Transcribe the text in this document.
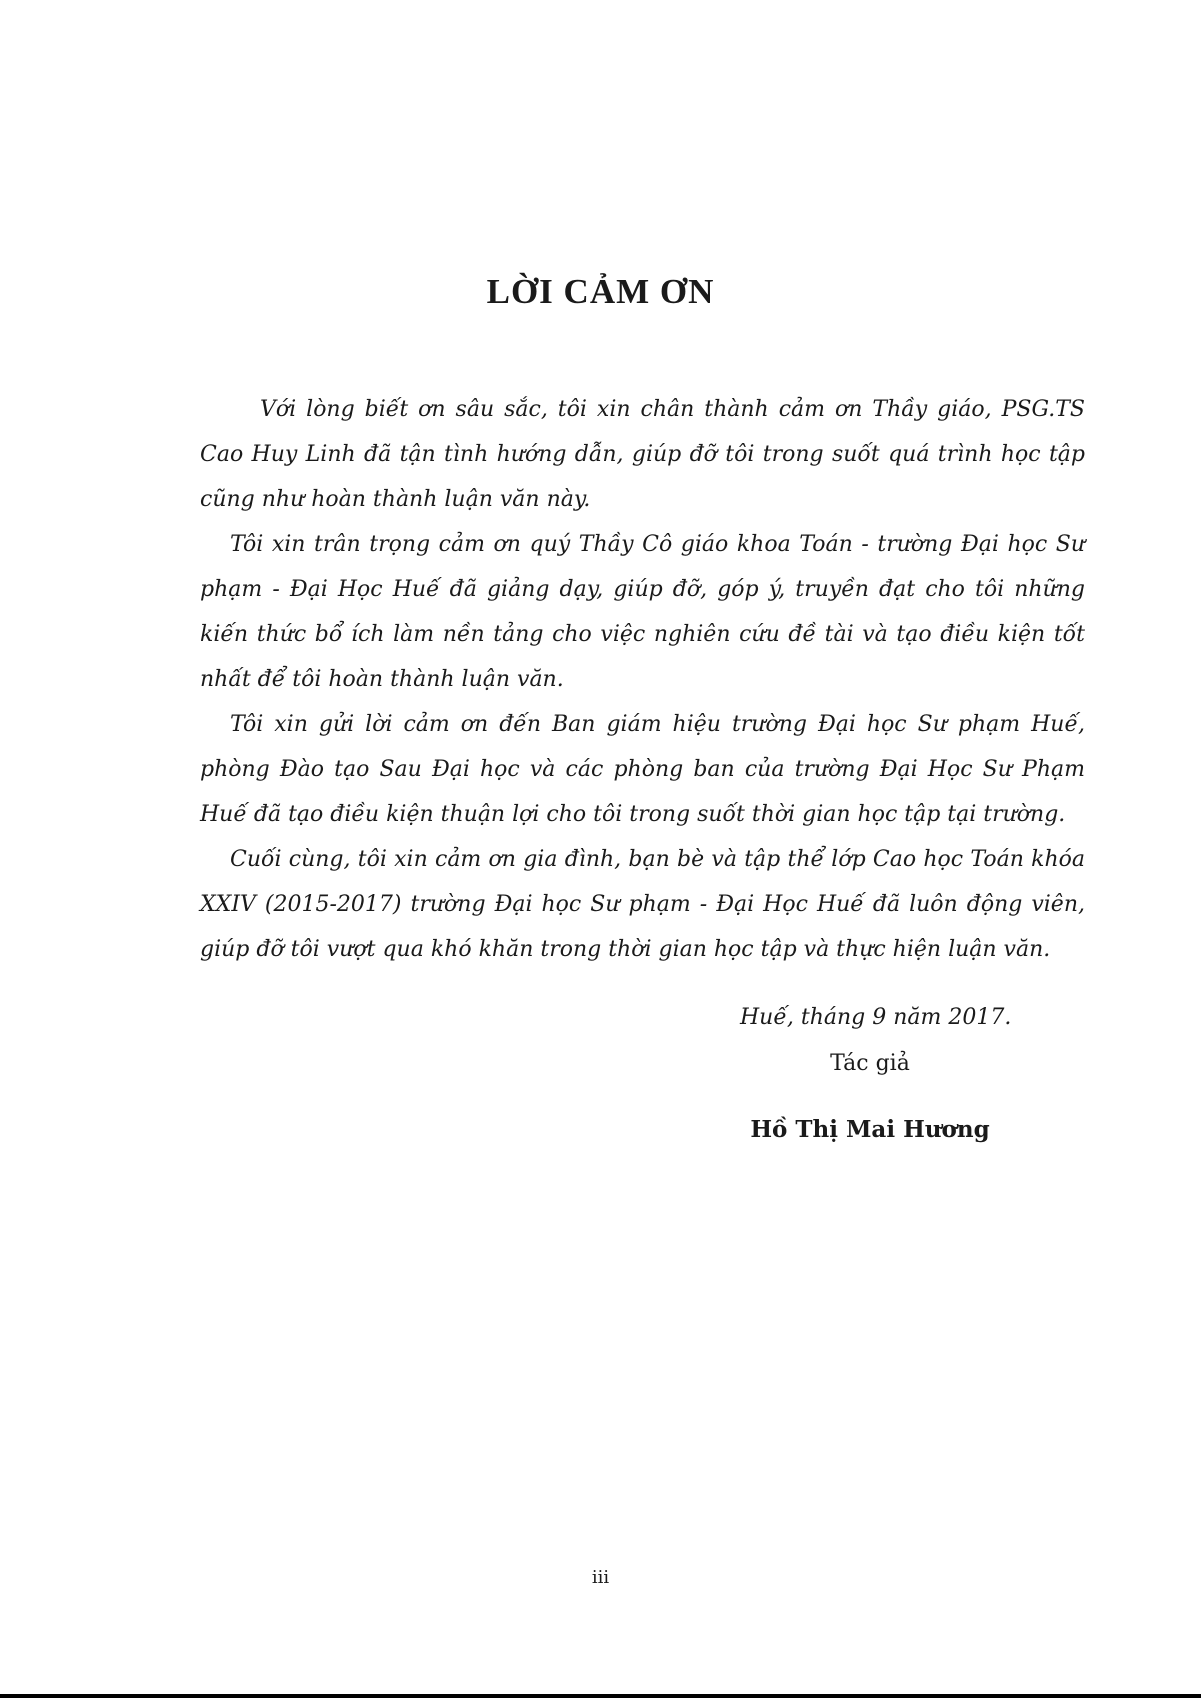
LỜI CẢM ƠN

Với lòng biết ơn sâu sắc, tôi xin chân thành cảm ơn Thầy giáo, PSG.TS Cao Huy Linh đã tận tình hướng dẫn, giúp đỡ tôi trong suốt quá trình học tập cũng như hoàn thành luận văn này.

Tôi xin trân trọng cảm ơn quý Thầy Cô giáo khoa Toán - trường Đại học Sư phạm - Đại Học Huế đã giảng dạy, giúp đỡ, góp ý, truyền đạt cho tôi những kiến thức bổ ích làm nền tảng cho việc nghiên cứu đề tài và tạo điều kiện tốt nhất để tôi hoàn thành luận văn.

Tôi xin gửi lời cảm ơn đến Ban giám hiệu trường Đại học Sư phạm Huế, phòng Đào tạo Sau Đại học và các phòng ban của trường Đại Học Sư Phạm Huế đã tạo điều kiện thuận lợi cho tôi trong suốt thời gian học tập tại trường.

Cuối cùng, tôi xin cảm ơn gia đình, bạn bè và tập thể lớp Cao học Toán khóa XXIV (2015-2017) trường Đại học Sư phạm - Đại Học Huế đã luôn động viên, giúp đỡ tôi vượt qua khó khăn trong thời gian học tập và thực hiện luận văn.

Huế, tháng 9 năm 2017.
Tác giả
Hồ Thị Mai Hương
iii
